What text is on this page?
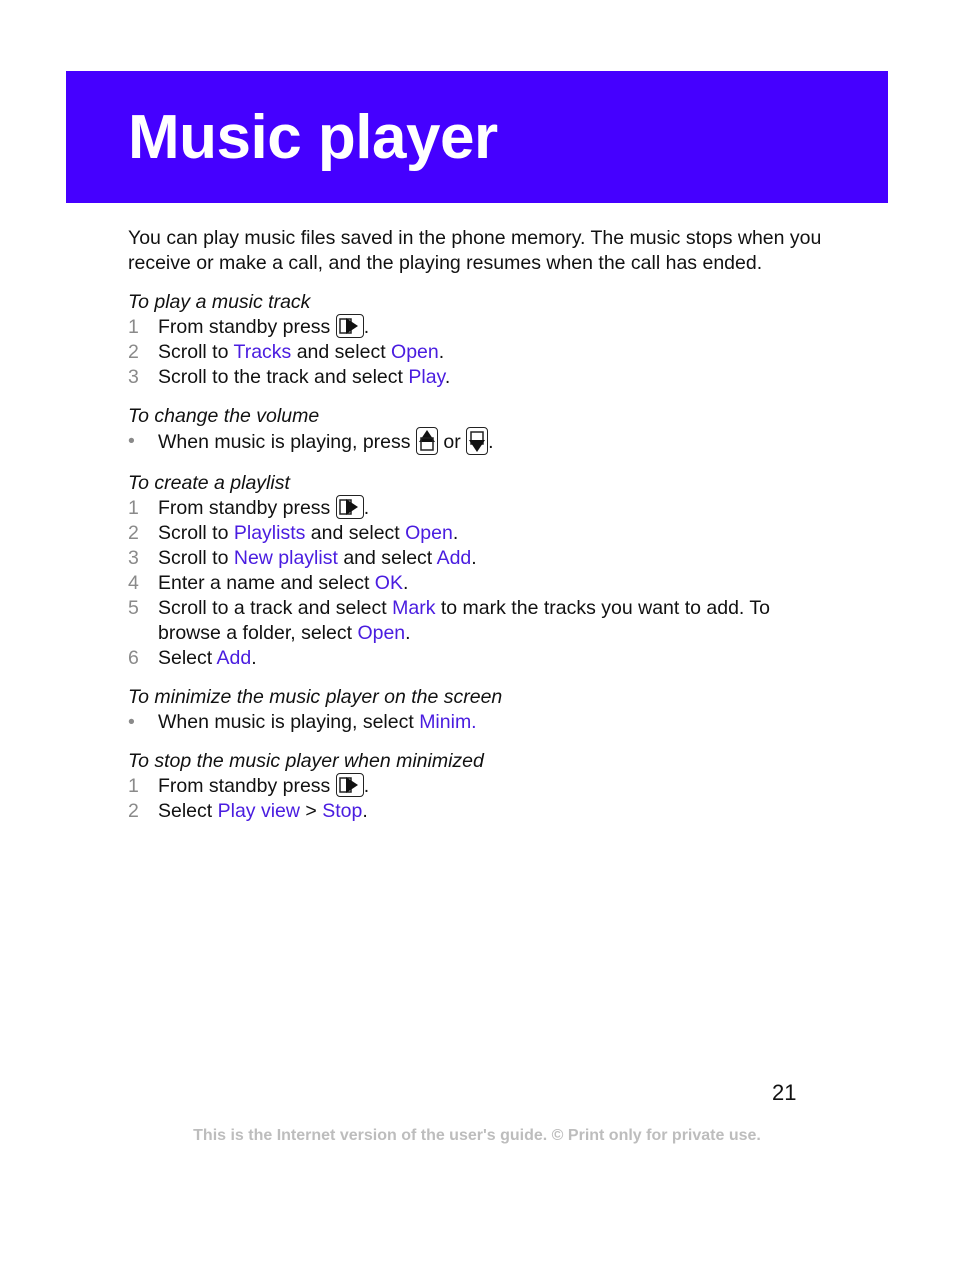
Music player

You can play music files saved in the phone memory. The music stops when you receive or make a call, and the playing resumes when the call has ended.

To play a music track

1 From standby press .
2 Scroll to Tracks and select Open.
3 Scroll to the track and select Play.

To change the volume

•	When music is playing, press or .

To create a playlist

1 From standby press .
2 Scroll to Playlists and select Open.
3 Scroll to New playlist and select Add.
4 Enter a name and select OK.
5 Scroll to a track and select Mark to mark the tracks you want to add. To browse a folder, select Open.
6 Select Add.

To minimize the music player on the screen

•	When music is playing, select Minim.

To stop the music player when minimized

1 From standby press .
2 Select Play view > Stop.
21
This is the Internet version of the user's guide. © Print only for private use.
